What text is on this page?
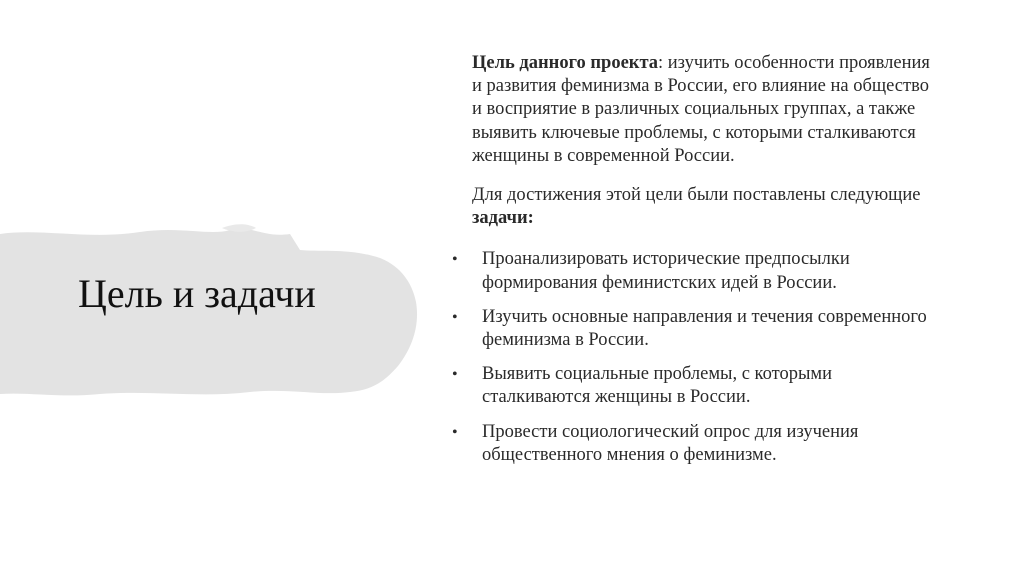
Цель и задачи

Цель данного проекта: изучить особенности проявления и развития феминизма в России, его влияние на общество и восприятие в различных социальных группах, а также выявить ключевые проблемы, с которыми сталкиваются женщины в современной России.

Для достижения этой цели были поставлены следующие задачи:

• Проанализировать исторические предпосылки формирования феминистских идей в России.
• Изучить основные направления и течения современного феминизма в России.
• Выявить социальные проблемы, с которыми сталкиваются женщины в России.
• Провести социологический опрос для изучения общественного мнения о феминизме.
